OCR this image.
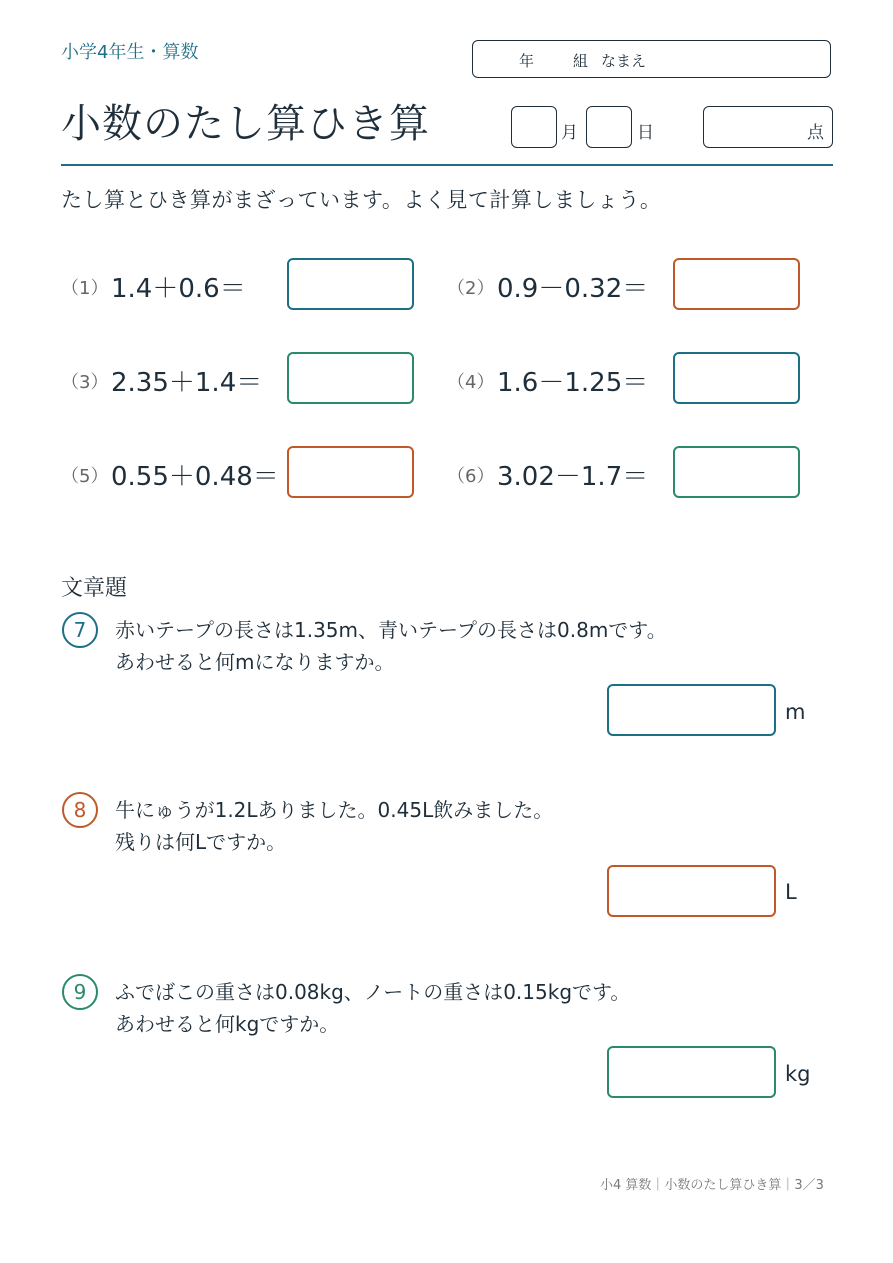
小学4年生・算数	年	組 なまえ
小数のたし算ひき算	月	日	点
たし算とひき算がまざっています。よく見て計算しましょう。
（1） 1.4＋0.6＝	（2） 0.9－0.32＝
（3） 2.35＋1.4＝	（4） 1.6－1.25＝
（5） 0.55＋0.48＝	（6） 3.02－1.7＝
文章題
7	赤いテープの長さは1.35m、青いテープの長さは0.8mです。
あわせると何mになりますか。
m
8	牛にゅうが1.2Lありました。0.45L飲みました。
残りは何Lですか。
L
9	ふでばこの重さは0.08kg、ノートの重さは0.15kgです。
あわせると何kgですか。
kg
小4 算数｜小数のたし算ひき算｜3／3
